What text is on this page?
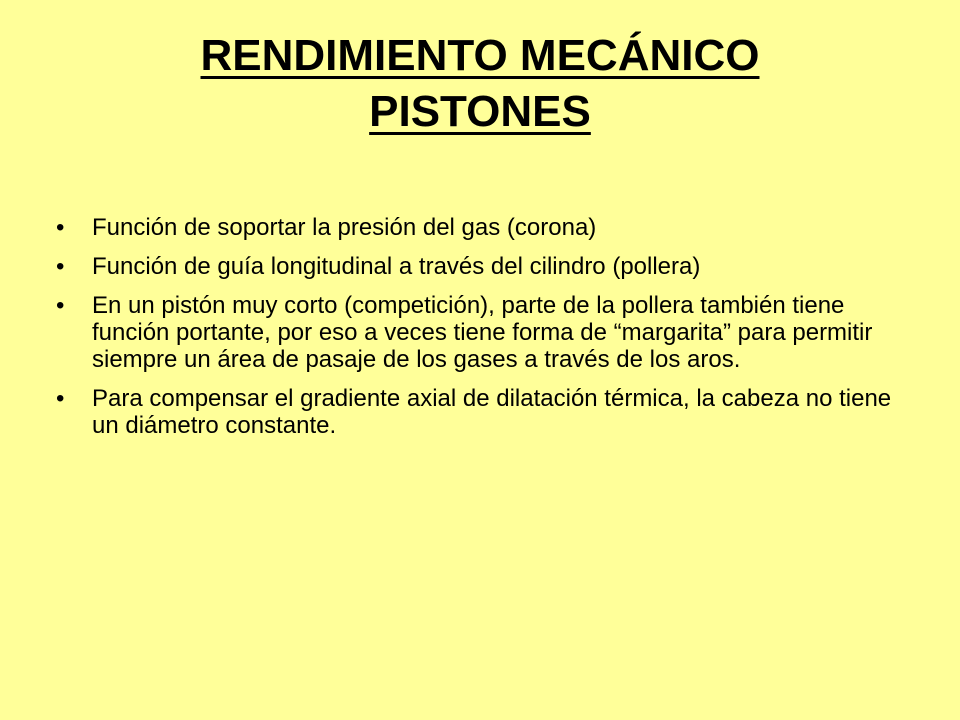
RENDIMIENTO MECÁNICO
PISTONES
• Función de soportar la presión del gas (corona)
• Función de guía longitudinal a través del cilindro (pollera)
• En un pistón muy corto (competición), parte de la pollera también tiene función portante, por eso a veces tiene forma de “margarita” para permitir siempre un área de pasaje de los gases a través de los aros.
• Para compensar el gradiente axial de dilatación térmica, la cabeza no tiene un diámetro constante.
